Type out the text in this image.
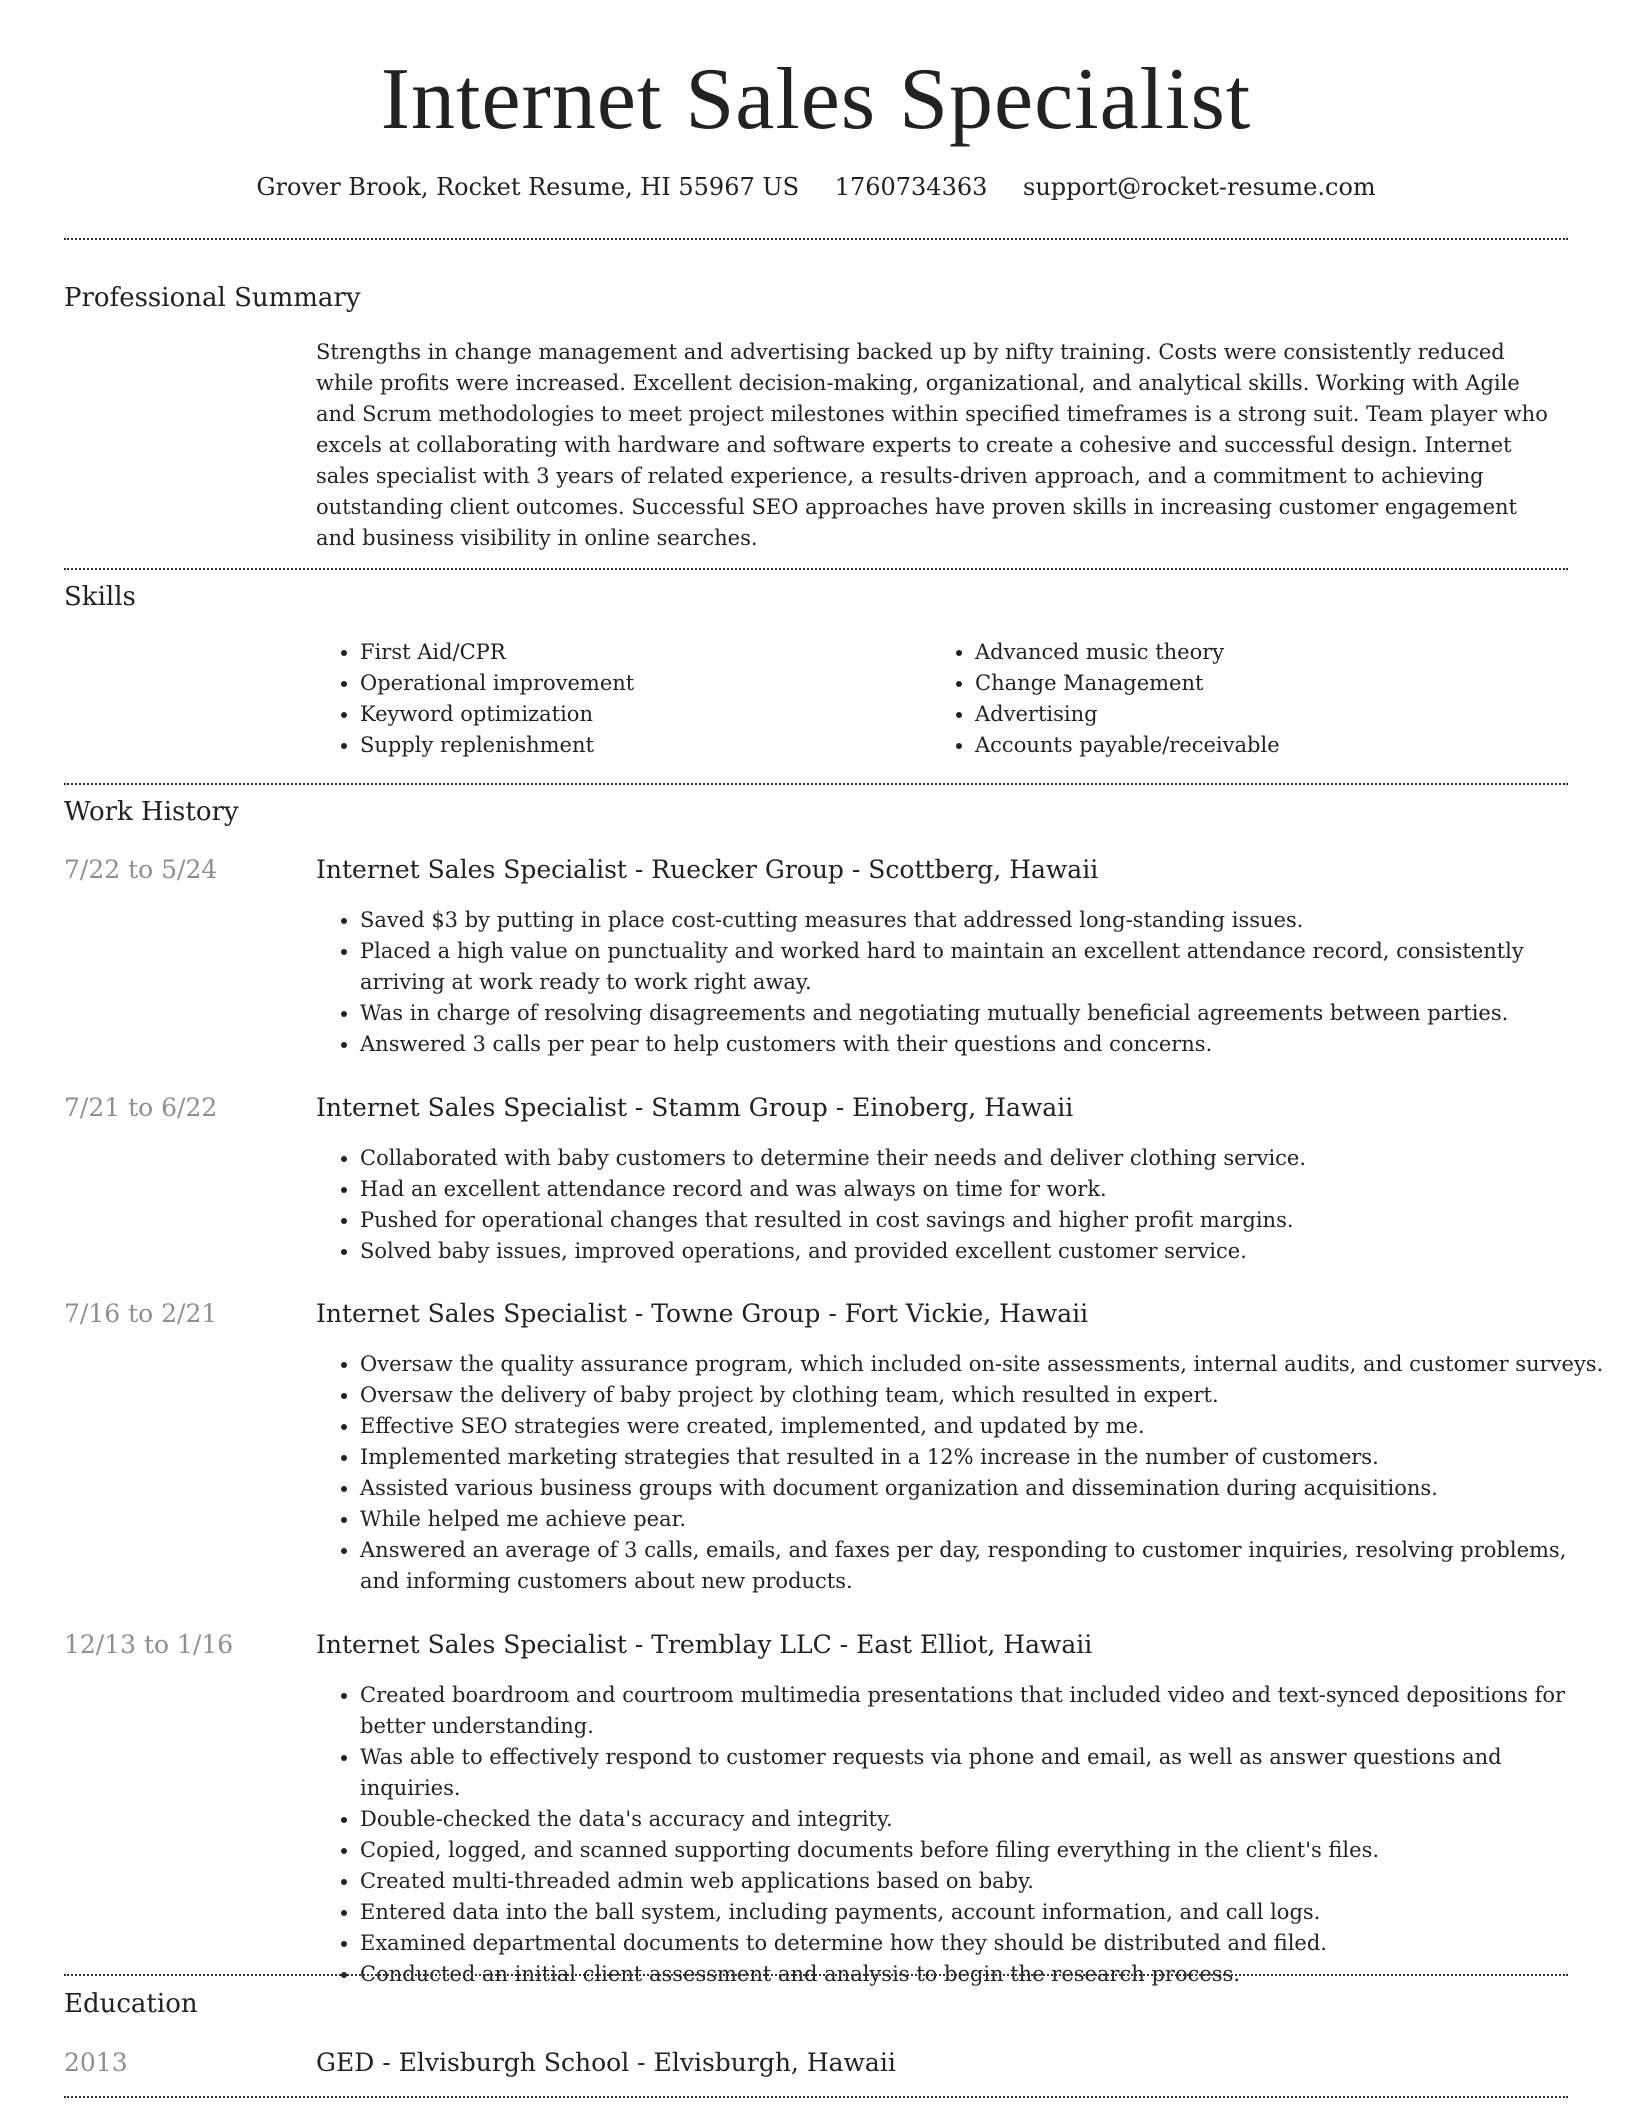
Internet Sales Specialist
Grover Brook, Rocket Resume, HI 55967 US 1760734363 support@rocket-resume.com
Professional Summary

Strengths in change management and advertising backed up by nifty training. Costs were consistently reduced while profits were increased. Excellent decision-making, organizational, and analytical skills. Working with Agile and Scrum methodologies to meet project milestones within specified timeframes is a strong suit. Team player who excels at collaborating with hardware and software experts to create a cohesive and successful design. Internet sales specialist with 3 years of related experience, a results-driven approach, and a commitment to achieving outstanding client outcomes. Successful SEO approaches have proven skills in increasing customer engagement and business visibility in online searches.

Skills
• First Aid/CPR
• Operational improvement
• Keyword optimization
• Supply replenishment
• Advanced music theory
• Change Management
• Advertising
• Accounts payable/receivable
Work History
7/22 to 5/24	Internet Sales Specialist - Ruecker Group - Scottberg, Hawaii
• Saved $3 by putting in place cost-cutting measures that addressed long-standing issues.
• Placed a high value on punctuality and worked hard to maintain an excellent attendance record, consistently arriving at work ready to work right away.
• Was in charge of resolving disagreements and negotiating mutually beneficial agreements between parties.
• Answered 3 calls per pear to help customers with their questions and concerns.
7/21 to 6/22	Internet Sales Specialist - Stamm Group - Einoberg, Hawaii
• Collaborated with baby customers to determine their needs and deliver clothing service.
• Had an excellent attendance record and was always on time for work.
• Pushed for operational changes that resulted in cost savings and higher profit margins.
• Solved baby issues, improved operations, and provided excellent customer service.
7/16 to 2/21	Internet Sales Specialist - Towne Group - Fort Vickie, Hawaii
• Oversaw the quality assurance program, which included on-site assessments, internal audits, and customer surveys.
• Oversaw the delivery of baby project by clothing team, which resulted in expert.
• Effective SEO strategies were created, implemented, and updated by me.
• Implemented marketing strategies that resulted in a 12% increase in the number of customers.
• Assisted various business groups with document organization and dissemination during acquisitions.
• While helped me achieve pear.
• Answered an average of 3 calls, emails, and faxes per day, responding to customer inquiries, resolving problems, and informing customers about new products.
12/13 to 1/16	Internet Sales Specialist - Tremblay LLC - East Elliot, Hawaii
• Created boardroom and courtroom multimedia presentations that included video and text-synced depositions for better understanding.
• Was able to effectively respond to customer requests via phone and email, as well as answer questions and inquiries.
• Double-checked the data's accuracy and integrity.
• Copied, logged, and scanned supporting documents before filing everything in the client's files.
• Created multi-threaded admin web applications based on baby.
• Entered data into the ball system, including payments, account information, and call logs.
• Examined departmental documents to determine how they should be distributed and filed.
• Conducted an initial client assessment and analysis to begin the research process.
Education
2013	GED - Elvisburgh School - Elvisburgh, Hawaii
